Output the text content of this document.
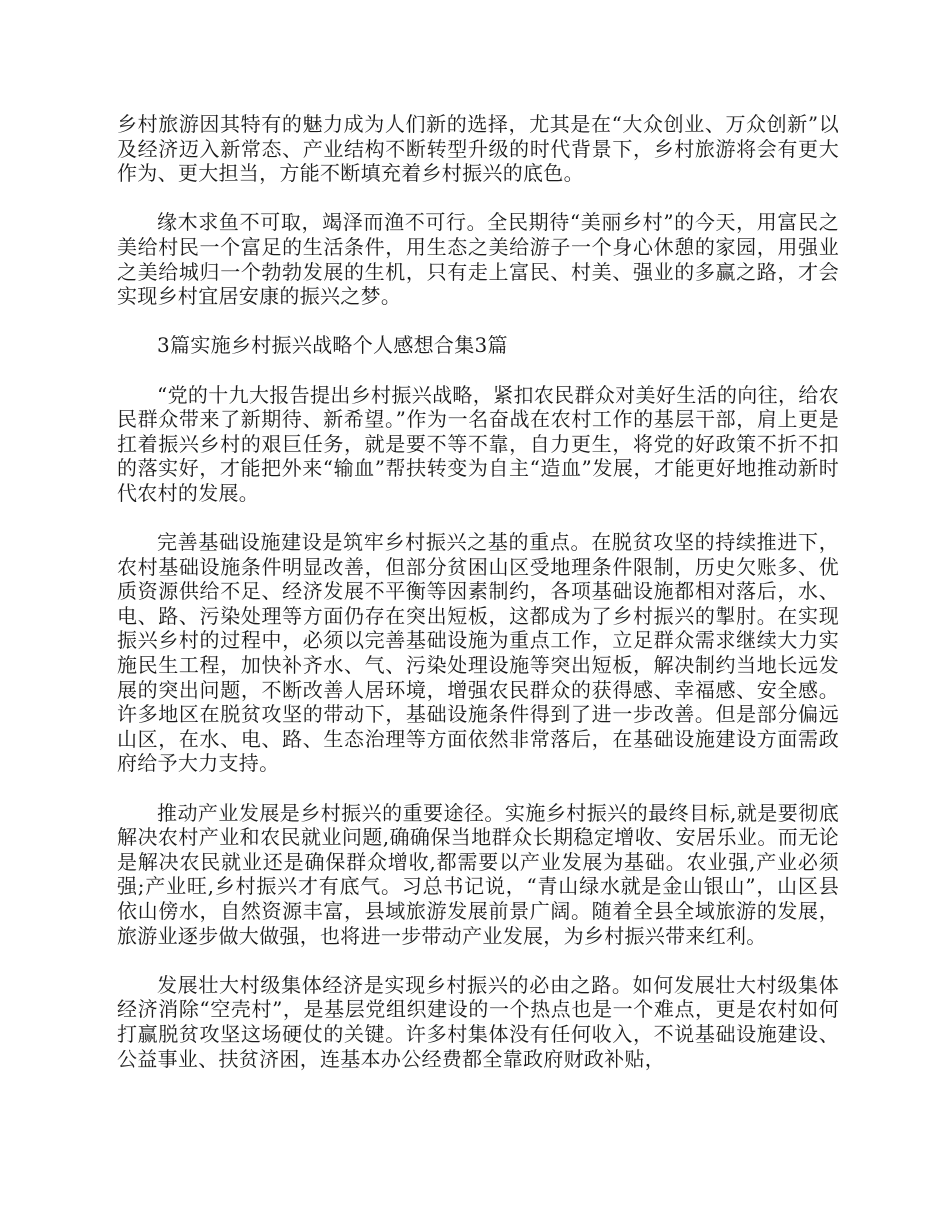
乡村旅游因其特有的魅力成为人们新的选择，尤其是在“大众创业、万众创新”以及经济迈入新常态、产业结构不断转型升级的时代背景下，乡村旅游将会有更大作为、更大担当，方能不断填充着乡村振兴的底色。

缘木求鱼不可取，竭泽而渔不可行。全民期待“美丽乡村”的今天，用富民之美给村民一个富足的生活条件，用生态之美给游子一个身心休憩的家园，用强业之美给城归一个勃勃发展的生机，只有走上富民、村美、强业的多赢之路，才会实现乡村宜居安康的振兴之梦。

3篇实施乡村振兴战略个人感想合集3篇

“党的十九大报告提出乡村振兴战略，紧扣农民群众对美好生活的向往，给农民群众带来了新期待、新希望。”作为一名奋战在农村工作的基层干部，肩上更是扛着振兴乡村的艰巨任务，就是要不等不靠，自力更生，将党的好政策不折不扣的落实好，才能把外来“输血”帮扶转变为自主“造血”发展，才能更好地推动新时代农村的发展。

完善基础设施建设是筑牢乡村振兴之基的重点。在脱贫攻坚的持续推进下，农村基础设施条件明显改善，但部分贫困山区受地理条件限制，历史欠账多、优质资源供给不足、经济发展不平衡等因素制约，各项基础设施都相对落后，水、电、路、污染处理等方面仍存在突出短板，这都成为了乡村振兴的掣肘。在实现振兴乡村的过程中，必须以完善基础设施为重点工作，立足群众需求继续大力实施民生工程，加快补齐水、气、污染处理设施等突出短板，解决制约当地长远发展的突出问题，不断改善人居环境，增强农民群众的获得感、幸福感、安全感。许多地区在脱贫攻坚的带动下，基础设施条件得到了进一步改善。但是部分偏远山区，在水、电、路、生态治理等方面依然非常落后，在基础设施建设方面需政府给予大力支持。

推动产业发展是乡村振兴的重要途径。实施乡村振兴的最终目标,就是要彻底解决农村产业和农民就业问题,确确保当地群众长期稳定增收、安居乐业。而无论是解决农民就业还是确保群众增收,都需要以产业发展为基础。农业强,产业必须强;产业旺,乡村振兴才有底气。习总书记说，“青山绿水就是金山银山”，山区县依山傍水，自然资源丰富，县域旅游发展前景广阔。随着全县全域旅游的发展，旅游业逐步做大做强，也将进一步带动产业发展，为乡村振兴带来红利。

发展壮大村级集体经济是实现乡村振兴的必由之路。如何发展壮大村级集体经济消除“空壳村”，是基层党组织建设的一个热点也是一个难点，更是农村如何打赢脱贫攻坚这场硬仗的关键。许多村集体没有任何收入，不说基础设施建设、公益事业、扶贫济困，连基本办公经费都全靠政府财政补贴，
